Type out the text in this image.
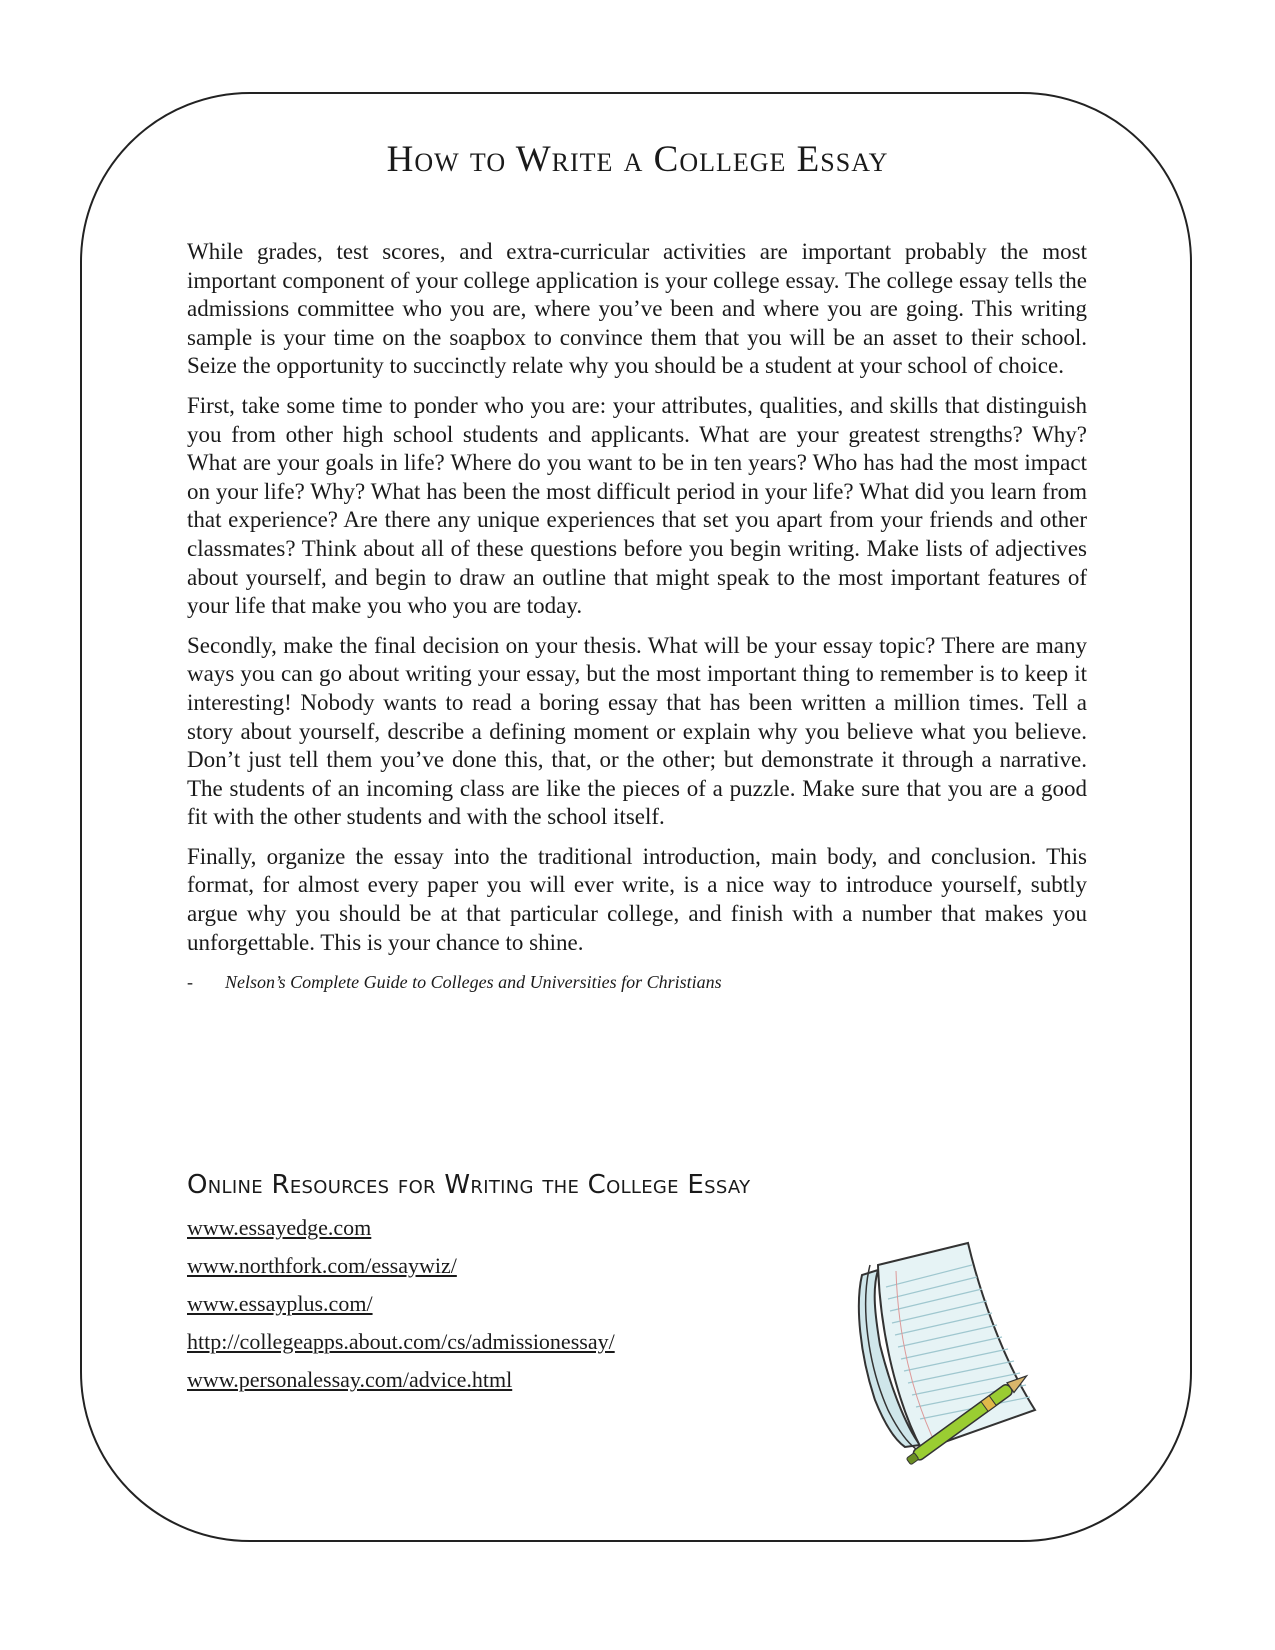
How to Write a College Essay

While grades, test scores, and extra-curricular activities are important probably the most important component of your college application is your college essay. The college essay tells the admissions committee who you are, where you’ve been and where you are going. This writing sample is your time on the soapbox to convince them that you will be an asset to their school. Seize the opportunity to succinctly relate why you should be a student at your school of choice.

First, take some time to ponder who you are: your attributes, qualities, and skills that distinguish you from other high school students and applicants. What are your greatest strengths? Why? What are your goals in life? Where do you want to be in ten years? Who has had the most impact on your life? Why? What has been the most difficult period in your life? What did you learn from that experience? Are there any unique experiences that set you apart from your friends and other classmates? Think about all of these questions before you begin writing. Make lists of adjectives about yourself, and begin to draw an outline that might speak to the most important features of your life that make you who you are today.

Secondly, make the final decision on your thesis. What will be your essay topic? There are many ways you can go about writing your essay, but the most important thing to remember is to keep it interesting! Nobody wants to read a boring essay that has been written a million times. Tell a story about yourself, describe a defining moment or explain why you believe what you believe. Don’t just tell them you’ve done this, that, or the other; but demonstrate it through a narrative. The students of an incoming class are like the pieces of a puzzle. Make sure that you are a good fit with the other students and with the school itself.

Finally, organize the essay into the traditional introduction, main body, and conclusion. This format, for almost every paper you will ever write, is a nice way to introduce yourself, subtly argue why you should be at that particular college, and finish with a number that makes you unforgettable. This is your chance to shine.

-	Nelson’s Complete Guide to Colleges and Universities for Christians
Online Resources for Writing the College Essay
www.essayedge.com
www.northfork.com/essaywiz/
www.essayplus.com/
http://collegeapps.about.com/cs/admissionessay/
www.personalessay.com/advice.html
